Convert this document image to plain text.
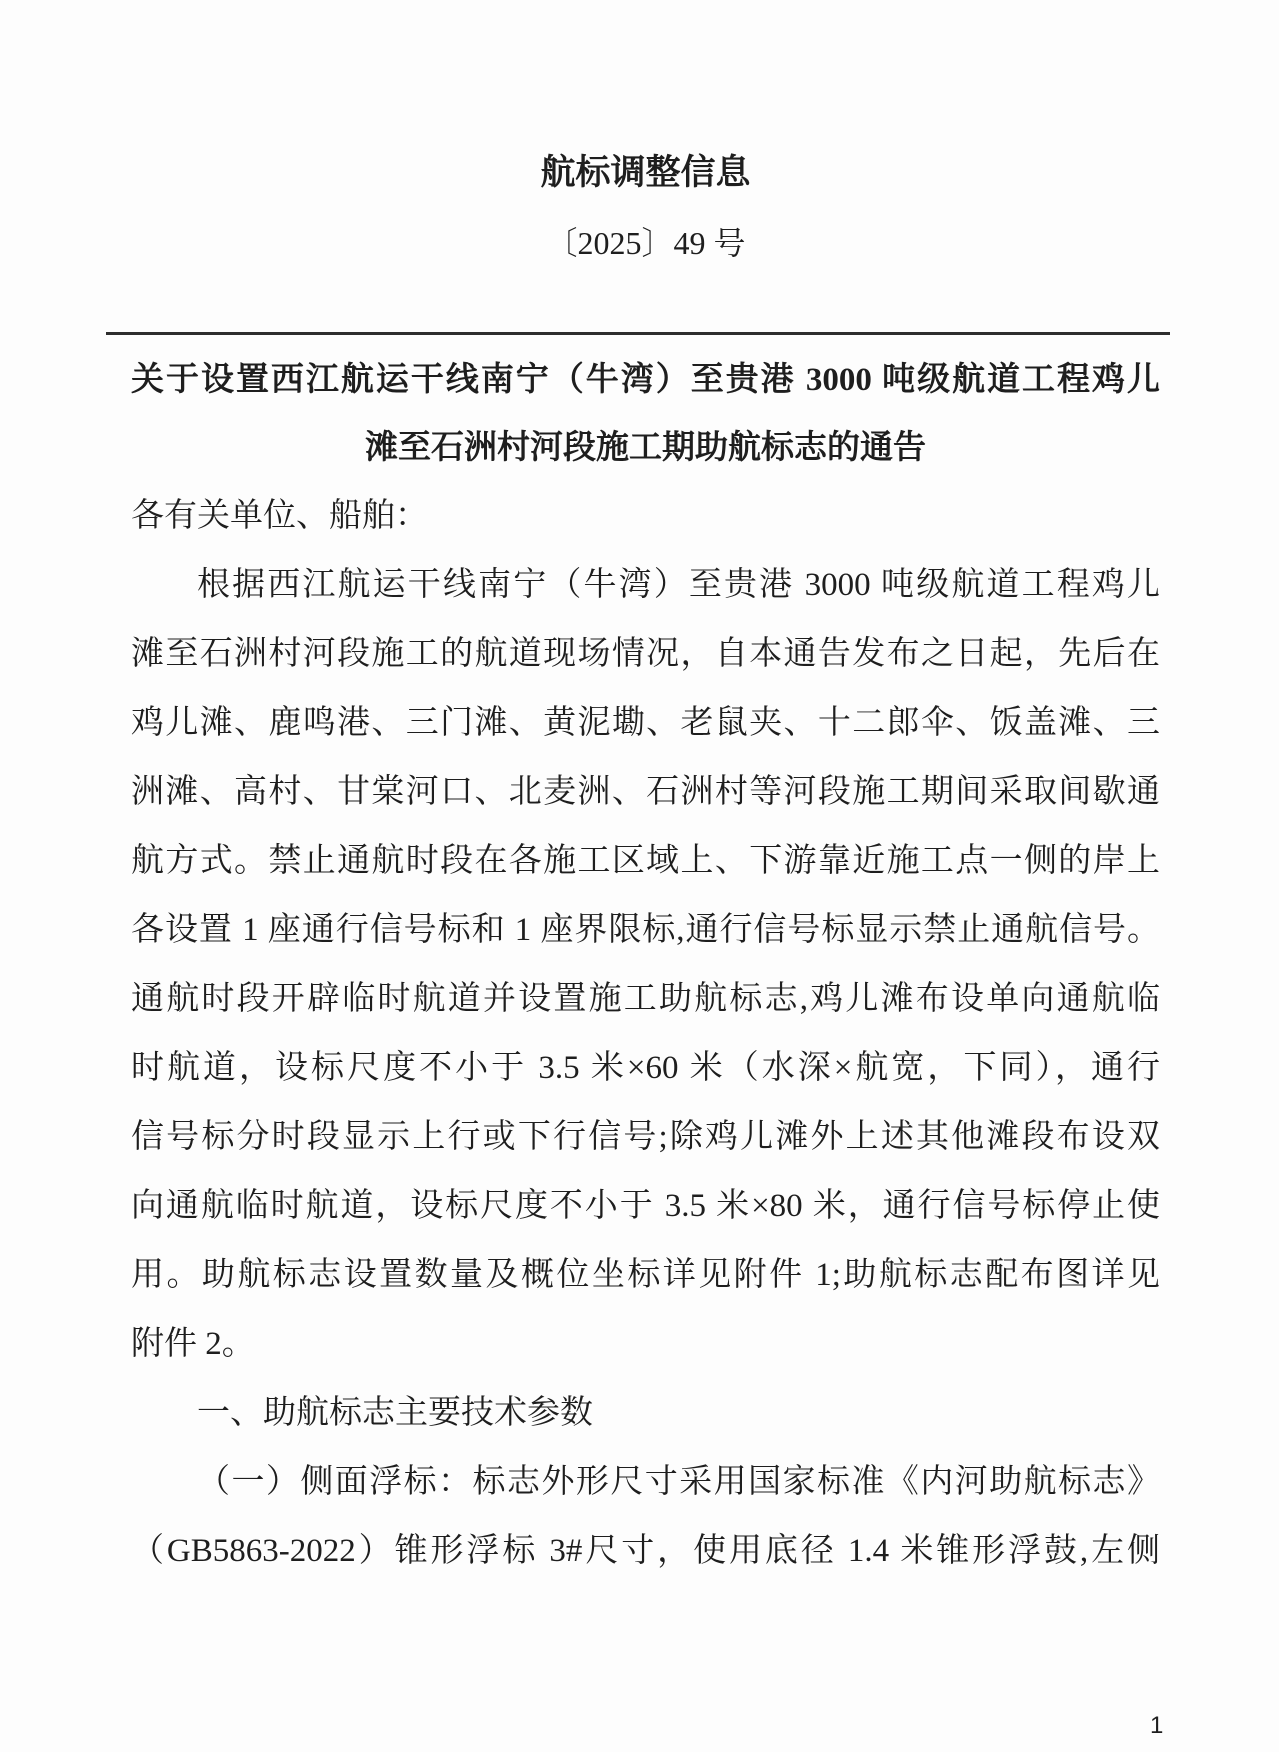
航标调整信息
〔2025〕49 号
关于设置西江航运干线南宁（牛湾）至贵港 3000 吨级航道工程鸡儿
滩至石洲村河段施工期助航标志的通告
各有关单位、船舶：
根据西江航运干线南宁（牛湾）至贵港 3000 吨级航道工程鸡儿
滩至石洲村河段施工的航道现场情况，自本通告发布之日起，先后在
鸡儿滩、鹿鸣港、三门滩、黄泥墈、老鼠夹、十二郎伞、饭盖滩、三
洲滩、高村、甘棠河口、北麦洲、石洲村等河段施工期间采取间歇通
航方式。禁止通航时段在各施工区域上、下游靠近施工点一侧的岸上
各设置 1 座通行信号标和 1 座界限标,通行信号标显示禁止通航信号。
通航时段开辟临时航道并设置施工助航标志,鸡儿滩布设单向通航临
时航道，设标尺度不小于 3.5 米×60 米（水深×航宽，下同），通行
信号标分时段显示上行或下行信号;除鸡儿滩外上述其他滩段布设双
向通航临时航道，设标尺度不小于 3.5 米×80 米，通行信号标停止使
用。助航标志设置数量及概位坐标详见附件 1;助航标志配布图详见
附件 2。
一、助航标志主要技术参数
（一）侧面浮标：标志外形尺寸采用国家标准《内河助航标志》
（GB5863-2022）锥形浮标 3#尺寸，使用底径 1.4 米锥形浮鼓,左侧
1
